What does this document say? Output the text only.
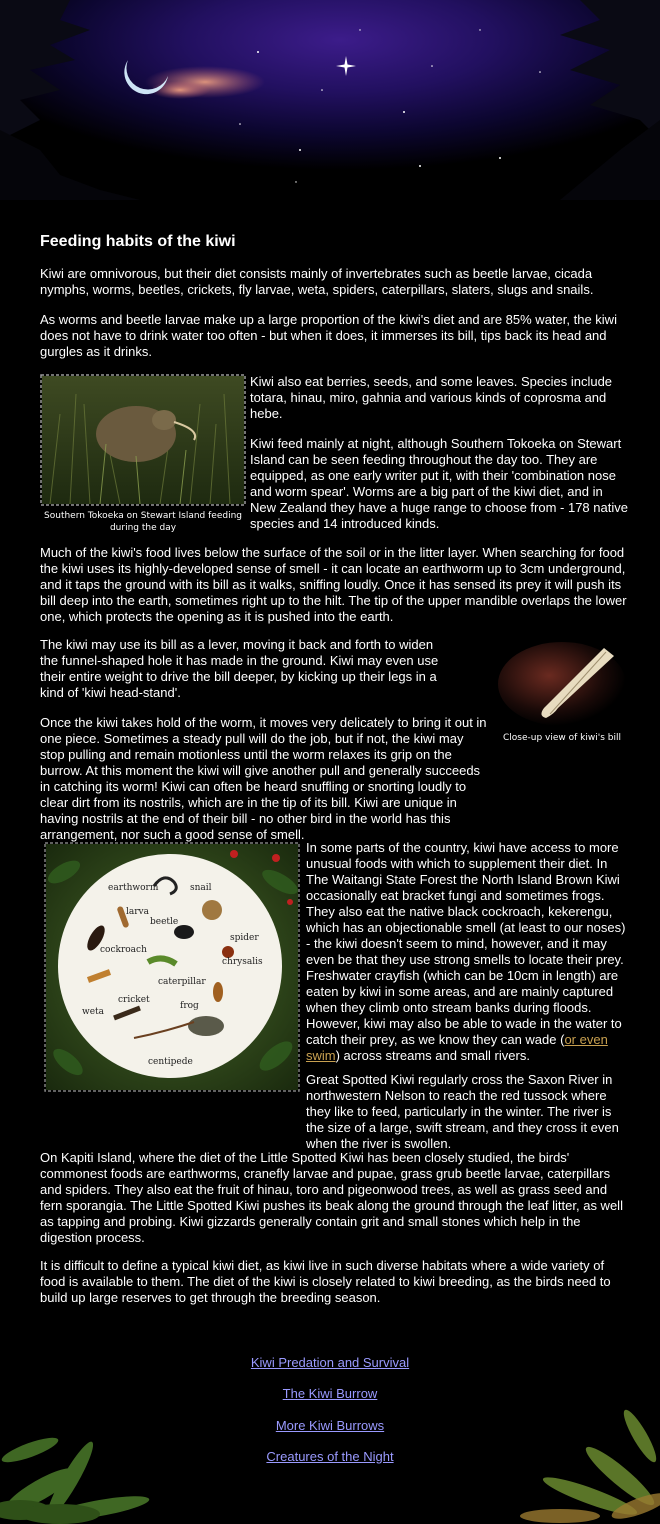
Feeding habits of the kiwi

Kiwi are omnivorous, but their diet consists mainly of invertebrates such as beetle larvae, cicada nymphs, worms, beetles, crickets, fly larvae, weta, spiders, caterpillars, slaters, slugs and snails.

As worms and beetle larvae make up a large proportion of the kiwi's diet and are 85% water, the kiwi does not have to drink water too often - but when it does, it immerses its bill, tips back its head and gurgles as it drinks.

Southern Tokoeka on Stewart Island feeding during the day

Kiwi also eat berries, seeds, and some leaves. Species include totara, hinau, miro, gahnia and various kinds of coprosma and hebe.

Kiwi feed mainly at night, although Southern Tokoeka on Stewart Island can be seen feeding throughout the day too. They are equipped, as one early writer put it, with their 'combination nose and worm spear'. Worms are a big part of the kiwi diet, and in New Zealand they have a huge range to choose from - 178 native species and 14 introduced kinds.

Much of the kiwi's food lives below the surface of the soil or in the litter layer. When searching for food the kiwi uses its highly-developed sense of smell - it can locate an earthworm up to 3cm underground, and it taps the ground with its bill as it walks, sniffing loudly. Once it has sensed its prey it will push its bill deep into the earth, sometimes right up to the hilt. The tip of the upper mandible overlaps the lower one, which protects the opening as it is pushed into the earth.

Close-up view of kiwi's bill

The kiwi may use its bill as a lever, moving it back and forth to widen the funnel-shaped hole it has made in the ground. Kiwi may even use their entire weight to drive the bill deeper, by kicking up their legs in a kind of 'kiwi head-stand'.

Once the kiwi takes hold of the worm, it moves very delicately to bring it out in one piece. Sometimes a steady pull will do the job, but if not, the kiwi may stop pulling and remain motionless until the worm relaxes its grip on the burrow. At this moment the kiwi will give another pull and generally succeeds in catching its worm! Kiwi can often be heard snuffling or snorting loudly to clear dirt from its nostrils, which are in the tip of its bill. Kiwi are unique in having nostrils at the end of their bill - no other bird in the world has this arrangement, nor such a good sense of smell.

earthworm	snail
larva
beetle
cockroach
spider
caterpillar
cricket
chrysalis
weta
frog
centipede

In some parts of the country, kiwi have access to more unusual foods with which to supplement their diet. In The Waitangi State Forest the North Island Brown Kiwi occasionally eat bracket fungi and sometimes frogs. They also eat the native black cockroach, kekerengu, which has an objectionable smell (at least to our noses) - the kiwi doesn't seem to mind, however, and it may even be that they use strong smells to locate their prey. Freshwater crayfish (which can be 10cm in length) are eaten by kiwi in some areas, and are mainly captured when they climb onto stream banks during floods. However, kiwi may also be able to wade in the water to catch their prey, as we know they can wade (or even swim) across streams and small rivers.

Great Spotted Kiwi regularly cross the Saxon River in northwestern Nelson to reach the red tussock where they like to feed, particularly in the winter. The river is the size of a large, swift stream, and they cross it even when the river is swollen.

On Kapiti Island, where the diet of the Little Spotted Kiwi has been closely studied, the birds' commonest foods are earthworms, cranefly larvae and pupae, grass grub beetle larvae, caterpillars and spiders. They also eat the fruit of hinau, toro and pigeonwood trees, as well as grass seed and fern sporangia. The Little Spotted Kiwi pushes its beak along the ground through the leaf litter, as well as tapping and probing. Kiwi gizzards generally contain grit and small stones which help in the digestion process.

It is difficult to define a typical kiwi diet, as kiwi live in such diverse habitats where a wide variety of food is available to them. The diet of the kiwi is closely related to kiwi breeding, as the birds need to build up large reserves to get through the breeding season.

Kiwi Predation and Survival
The Kiwi Burrow
More Kiwi Burrows
Creatures of the Night
